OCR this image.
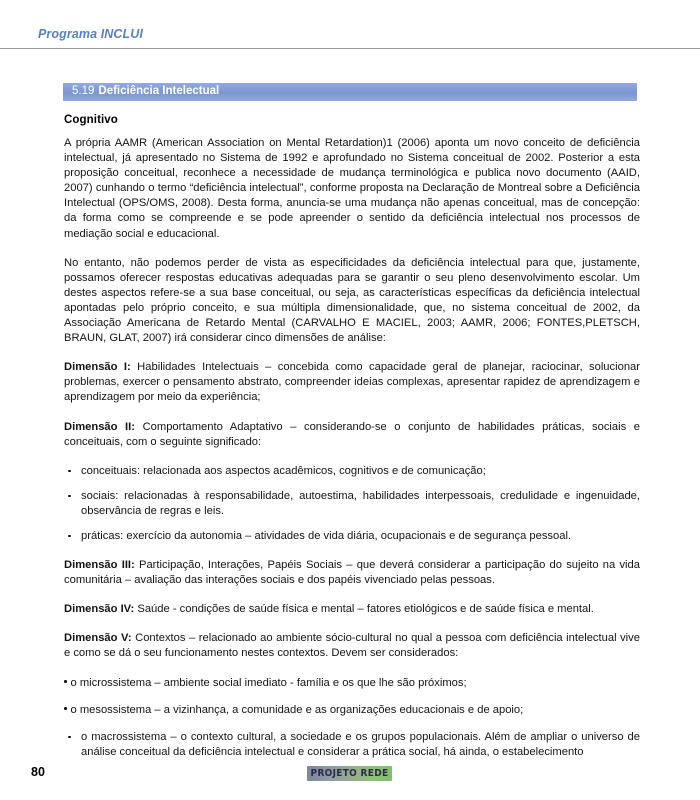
Programa INCLUI
5.19 Deficiência Intelectual
Cognitivo

A própria AAMR (American Association on Mental Retardation)1 (2006) aponta um novo conceito de deficiência intelectual, já apresentado no Sistema de 1992 e aprofundado no Sistema conceitual de 2002. Posterior a esta proposição conceitual, reconhece a necessidade de mudança terminológica e publica novo documento (AAID, 2007) cunhando o termo “deficiência intelectual”, conforme proposta na Declaração de Montreal sobre a Deficiência Intelectual (OPS/OMS, 2008). Desta forma, anuncia-se uma mudança não apenas conceitual, mas de concepção: da forma como se compreende e se pode apreender o sentido da deficiência intelectual nos processos de mediação social e educacional.

No entanto, não podemos perder de vista as especificidades da deficiência intelectual para que, justamente, possamos oferecer respostas educativas adequadas para se garantir o seu pleno desenvolvimento escolar. Um destes aspectos refere-se a sua base conceitual, ou seja, as características específicas da deficiência intelectual apontadas pelo próprio conceito, e sua múltipla dimensionalidade, que, no sistema conceitual de 2002, da Associação Americana de Retardo Mental (CARVALHO E MACIEL, 2003; AAMR, 2006; FONTES,PLETSCH, BRAUN, GLAT, 2007) irá considerar cinco dimensões de análise:

Dimensão I: Habilidades Intelectuais – concebida como capacidade geral de planejar, raciocinar, solucionar problemas, exercer o pensamento abstrato, compreender ideias complexas, apresentar rapidez de aprendizagem e aprendizagem por meio da experiência;

Dimensão II: Comportamento Adaptativo – considerando-se o conjunto de habilidades práticas, sociais e conceituais, com o seguinte significado:

conceituais: relacionada aos aspectos acadêmicos, cognitivos e de comunicação;
sociais: relacionadas à responsabilidade, autoestima, habilidades interpessoais, credulidade e ingenuidade, observância de regras e leis.
práticas: exercício da autonomia – atividades de vida diária, ocupacionais e de segurança pessoal.

Dimensão III: Participação, Interações, Papéis Sociais – que deverá considerar a participação do sujeito na vida comunitária – avaliação das interações sociais e dos papéis vivenciado pelas pessoas.

Dimensão IV: Saúde - condições de saúde física e mental – fatores etiológicos e de saúde física e mental.

Dimensão V: Contextos – relacionado ao ambiente sócio-cultural no qual a pessoa com deficiência intelectual vive e como se dá o seu funcionamento nestes contextos. Devem ser considerados:

o microssistema – ambiente social imediato - família e os que lhe são próximos;

o mesossistema – a vizinhança, a comunidade e as organizações educacionais e de apoio;

o macrossistema – o contexto cultural, a sociedade e os grupos populacionais. Além de ampliar o universo de análise conceitual da deficiência intelectual e considerar a prática social, há ainda, o estabelecimento
80	PROJETO REDE
